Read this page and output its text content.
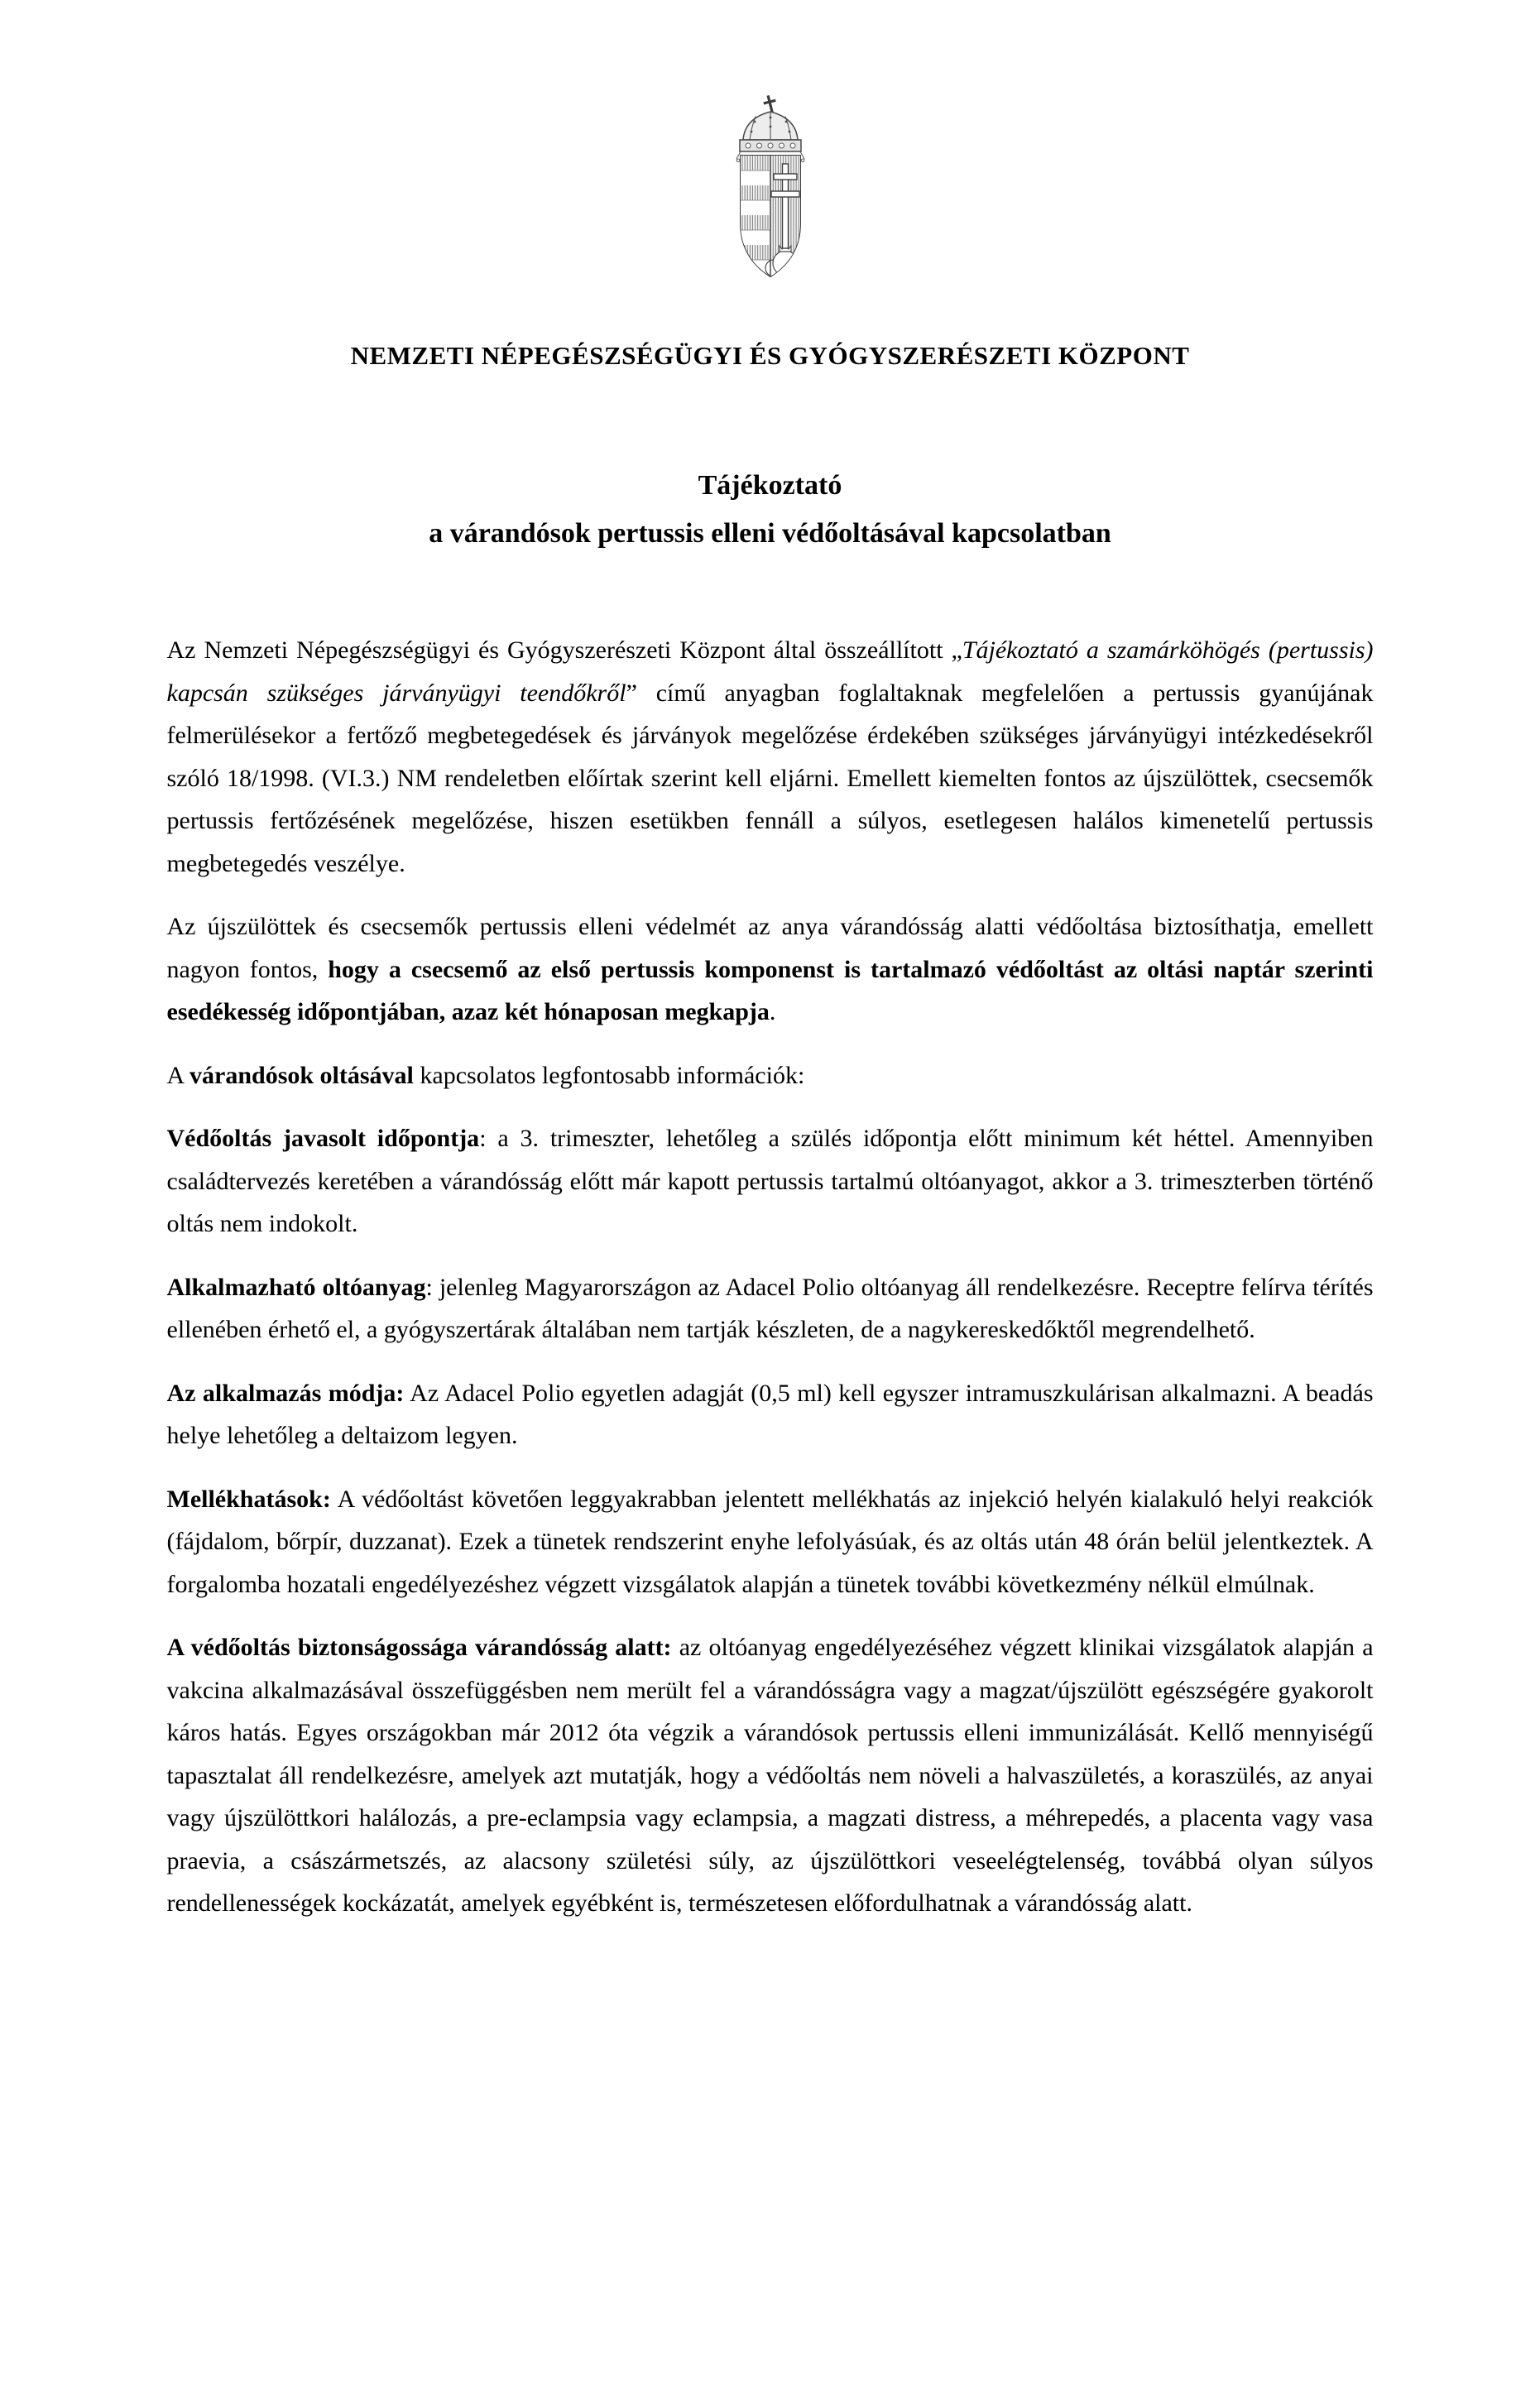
NEMZETI NÉPEGÉSZSÉGÜGYI ÉS GYÓGYSZERÉSZETI KÖZPONT
Tájékoztató
a várandósok pertussis elleni védőoltásával kapcsolatban

Az Nemzeti Népegészségügyi és Gyógyszerészeti Központ által összeállított „Tájékoztató a szamárköhögés (pertussis) kapcsán szükséges járványügyi teendőkről” című anyagban foglaltaknak megfelelően a pertussis gyanújának felmerülésekor a fertőző megbetegedések és járványok megelőzése érdekében szükséges járványügyi intézkedésekről szóló 18/1998. (VI.3.) NM rendeletben előírtak szerint kell eljárni. Emellett kiemelten fontos az újszülöttek, csecsemők pertussis fertőzésének megelőzése, hiszen esetükben fennáll a súlyos, esetlegesen halálos kimenetelű pertussis megbetegedés veszélye.

Az újszülöttek és csecsemők pertussis elleni védelmét az anya várandósság alatti védőoltása biztosíthatja, emellett nagyon fontos, hogy a csecsemő az első pertussis komponenst is tartalmazó védőoltást az oltási naptár szerinti esedékesség időpontjában, azaz két hónaposan megkapja.

A várandósok oltásával kapcsolatos legfontosabb információk:

Védőoltás javasolt időpontja: a 3. trimeszter, lehetőleg a szülés időpontja előtt minimum két héttel. Amennyiben családtervezés keretében a várandósság előtt már kapott pertussis tartalmú oltóanyagot, akkor a 3. trimeszterben történő oltás nem indokolt.

Alkalmazható oltóanyag: jelenleg Magyarországon az Adacel Polio oltóanyag áll rendelkezésre. Receptre felírva térítés ellenében érhető el, a gyógyszertárak általában nem tartják készleten, de a nagykereskedőktől megrendelhető.

Az alkalmazás módja: Az Adacel Polio egyetlen adagját (0,5 ml) kell egyszer intramuszkulárisan alkalmazni. A beadás helye lehetőleg a deltaizom legyen.

Mellékhatások: A védőoltást követően leggyakrabban jelentett mellékhatás az injekció helyén kialakuló helyi reakciók (fájdalom, bőrpír, duzzanat). Ezek a tünetek rendszerint enyhe lefolyásúak, és az oltás után 48 órán belül jelentkeztek. A forgalomba hozatali engedélyezéshez végzett vizsgálatok alapján a tünetek további következmény nélkül elmúlnak.

A védőoltás biztonságossága várandósság alatt: az oltóanyag engedélyezéséhez végzett klinikai vizsgálatok alapján a vakcina alkalmazásával összefüggésben nem merült fel a várandósságra vagy a magzat/újszülött egészségére gyakorolt káros hatás. Egyes országokban már 2012 óta végzik a várandósok pertussis elleni immunizálását. Kellő mennyiségű tapasztalat áll rendelkezésre, amelyek azt mutatják, hogy a védőoltás nem növeli a halvaszületés, a koraszülés, az anyai vagy újszülöttkori halálozás, a pre-eclampsia vagy eclampsia, a magzati distress, a méhrepedés, a placenta vagy vasa praevia, a császármetszés, az alacsony születési súly, az újszülöttkori veseelégtelenség, továbbá olyan súlyos rendellenességek kockázatát, amelyek egyébként is, természetesen előfordulhatnak a várandósság alatt.
